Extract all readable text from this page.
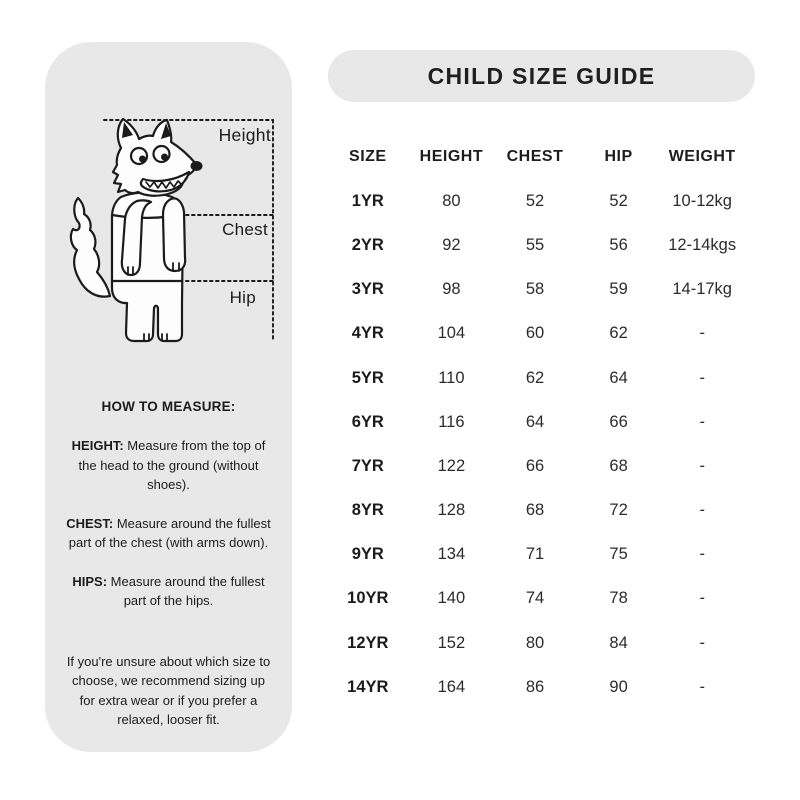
Height
Chest
Hip
HOW TO MEASURE:

HEIGHT: Measure from the top of the head to the ground (without shoes).

CHEST: Measure around the fullest part of the chest (with arms down).

HIPS: Measure around the fullest part of the hips.

If you're unsure about which size to choose, we recommend sizing up for extra wear or if you prefer a relaxed, looser fit.

CHILD SIZE GUIDE
SIZE HEIGHT CHEST	HIP WEIGHT
1YR	80	52	52	10-12kg
2YR	92	55	56 12-14kgs
3YR	98	58	59	14-17kg
4YR	104	60	62	-
5YR	110	62	64	-
6YR	116	64	66	-
7YR	122	66	68	-
8YR	128	68	72	-
9YR	134	71	75	-
10YR	140	74	78	-
12YR	152	80	84	-
14YR	164	86	90	-
